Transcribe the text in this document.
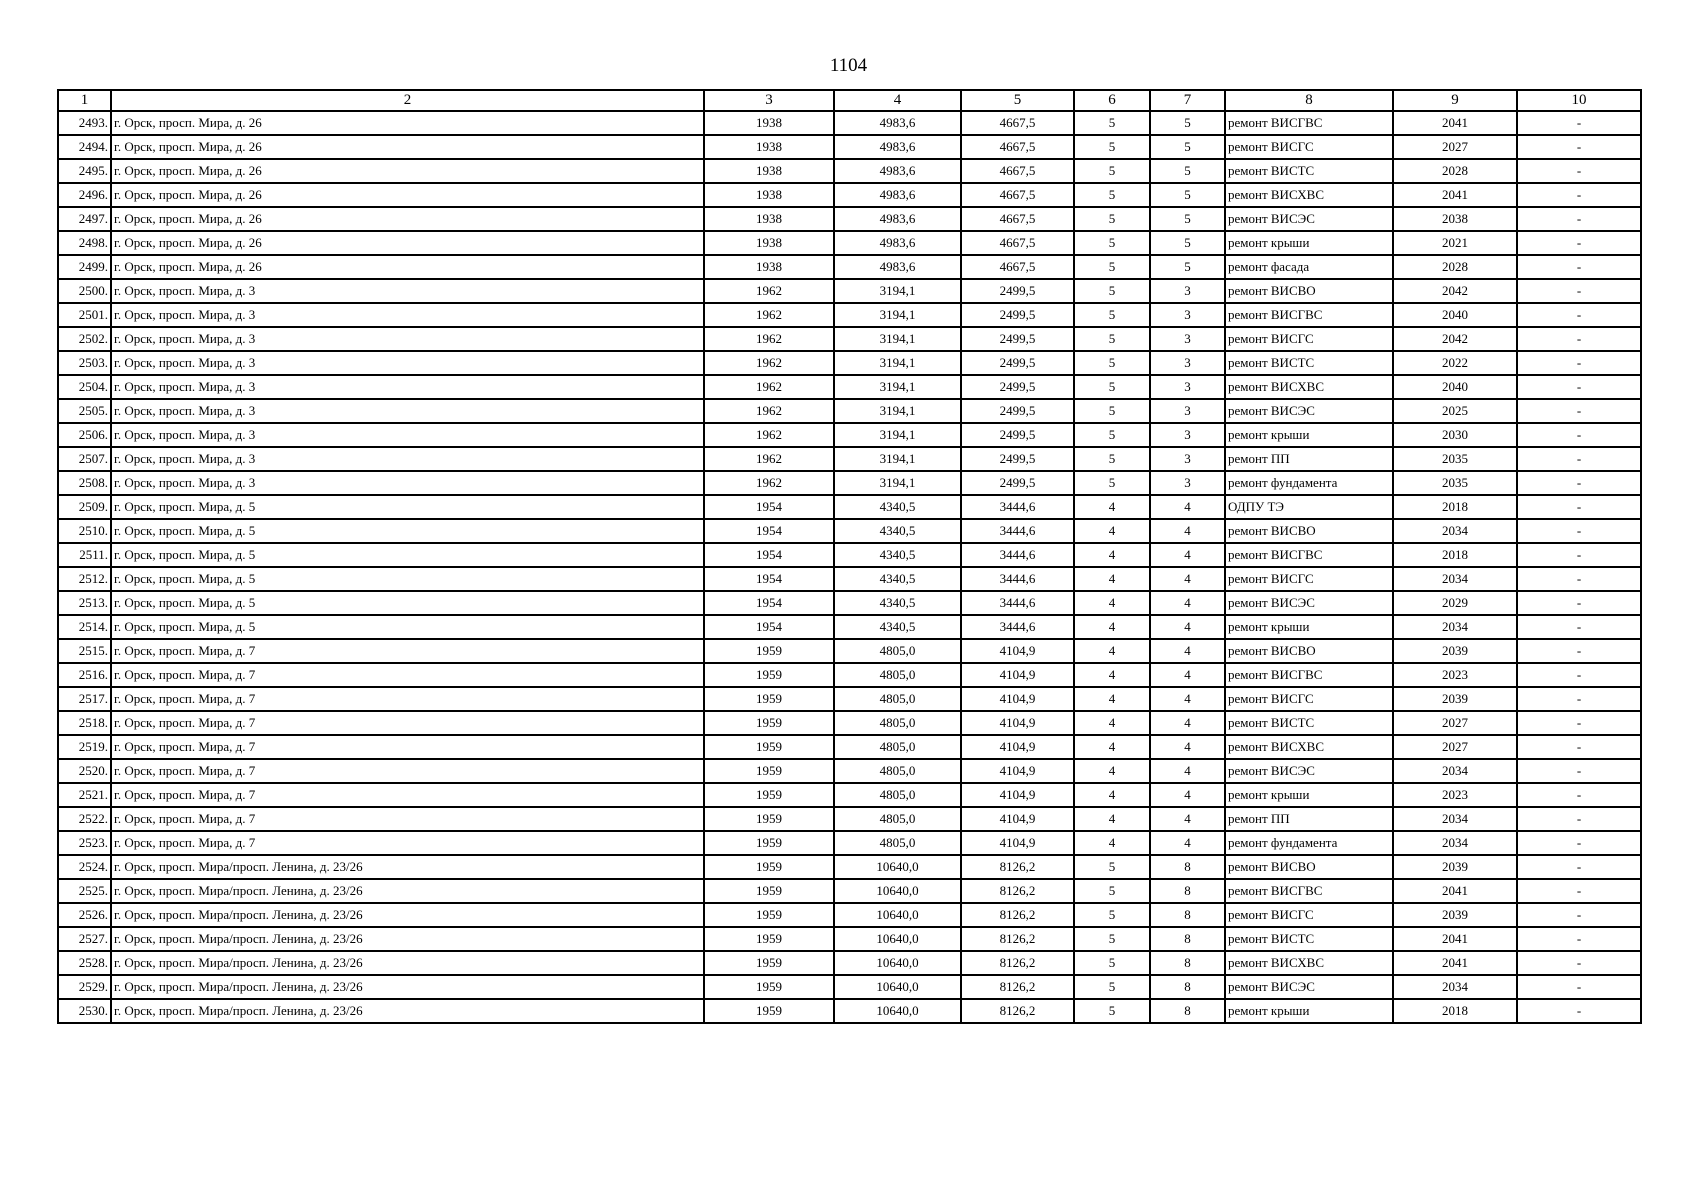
1104
1	2	3	4	5	6	7	8	9	10
2493.	г. Орск, просп. Мира, д. 26	1938	4983,6	4667,5	5	5	ремонт ВИСГВС	2041	-
2494.	г. Орск, просп. Мира, д. 26	1938	4983,6	4667,5	5	5	ремонт ВИСГС	2027	-
2495.	г. Орск, просп. Мира, д. 26	1938	4983,6	4667,5	5	5	ремонт ВИСТС	2028	-
2496.	г. Орск, просп. Мира, д. 26	1938	4983,6	4667,5	5	5	ремонт ВИСХВС	2041	-
2497.	г. Орск, просп. Мира, д. 26	1938	4983,6	4667,5	5	5	ремонт ВИСЭС	2038	-
2498.	г. Орск, просп. Мира, д. 26	1938	4983,6	4667,5	5	5	ремонт крыши	2021	-
2499.	г. Орск, просп. Мира, д. 26	1938	4983,6	4667,5	5	5	ремонт фасада	2028	-
2500.	г. Орск, просп. Мира, д. 3	1962	3194,1	2499,5	5	3	ремонт ВИСВО	2042	-
2501.	г. Орск, просп. Мира, д. 3	1962	3194,1	2499,5	5	3	ремонт ВИСГВС	2040	-
2502.	г. Орск, просп. Мира, д. 3	1962	3194,1	2499,5	5	3	ремонт ВИСГС	2042	-
2503.	г. Орск, просп. Мира, д. 3	1962	3194,1	2499,5	5	3	ремонт ВИСТС	2022	-
2504.	г. Орск, просп. Мира, д. 3	1962	3194,1	2499,5	5	3	ремонт ВИСХВС	2040	-
2505.	г. Орск, просп. Мира, д. 3	1962	3194,1	2499,5	5	3	ремонт ВИСЭС	2025	-
2506.	г. Орск, просп. Мира, д. 3	1962	3194,1	2499,5	5	3	ремонт крыши	2030	-
2507.	г. Орск, просп. Мира, д. 3	1962	3194,1	2499,5	5	3	ремонт ПП	2035	-
2508.	г. Орск, просп. Мира, д. 3	1962	3194,1	2499,5	5	3	ремонт фундамента	2035	-
2509.	г. Орск, просп. Мира, д. 5	1954	4340,5	3444,6	4	4	ОДПУ ТЭ	2018	-
2510.	г. Орск, просп. Мира, д. 5	1954	4340,5	3444,6	4	4	ремонт ВИСВО	2034	-
2511.	г. Орск, просп. Мира, д. 5	1954	4340,5	3444,6	4	4	ремонт ВИСГВС	2018	-
2512.	г. Орск, просп. Мира, д. 5	1954	4340,5	3444,6	4	4	ремонт ВИСГС	2034	-
2513.	г. Орск, просп. Мира, д. 5	1954	4340,5	3444,6	4	4	ремонт ВИСЭС	2029	-
2514.	г. Орск, просп. Мира, д. 5	1954	4340,5	3444,6	4	4	ремонт крыши	2034	-
2515.	г. Орск, просп. Мира, д. 7	1959	4805,0	4104,9	4	4	ремонт ВИСВО	2039	-
2516.	г. Орск, просп. Мира, д. 7	1959	4805,0	4104,9	4	4	ремонт ВИСГВС	2023	-
2517.	г. Орск, просп. Мира, д. 7	1959	4805,0	4104,9	4	4	ремонт ВИСГС	2039	-
2518.	г. Орск, просп. Мира, д. 7	1959	4805,0	4104,9	4	4	ремонт ВИСТС	2027	-
2519.	г. Орск, просп. Мира, д. 7	1959	4805,0	4104,9	4	4	ремонт ВИСХВС	2027	-
2520.	г. Орск, просп. Мира, д. 7	1959	4805,0	4104,9	4	4	ремонт ВИСЭС	2034	-
2521.	г. Орск, просп. Мира, д. 7	1959	4805,0	4104,9	4	4	ремонт крыши	2023	-
2522.	г. Орск, просп. Мира, д. 7	1959	4805,0	4104,9	4	4	ремонт ПП	2034	-
2523.	г. Орск, просп. Мира, д. 7	1959	4805,0	4104,9	4	4	ремонт фундамента	2034	-
2524.	г. Орск, просп. Мира/просп. Ленина, д. 23/26	1959	10640,0	8126,2	5	8	ремонт ВИСВО	2039	-
2525.	г. Орск, просп. Мира/просп. Ленина, д. 23/26	1959	10640,0	8126,2	5	8	ремонт ВИСГВС	2041	-
2526.	г. Орск, просп. Мира/просп. Ленина, д. 23/26	1959	10640,0	8126,2	5	8	ремонт ВИСГС	2039	-
2527.	г. Орск, просп. Мира/просп. Ленина, д. 23/26	1959	10640,0	8126,2	5	8	ремонт ВИСТС	2041	-
2528.	г. Орск, просп. Мира/просп. Ленина, д. 23/26	1959	10640,0	8126,2	5	8	ремонт ВИСХВС	2041	-
2529.	г. Орск, просп. Мира/просп. Ленина, д. 23/26	1959	10640,0	8126,2	5	8	ремонт ВИСЭС	2034	-
2530.	г. Орск, просп. Мира/просп. Ленина, д. 23/26	1959	10640,0	8126,2	5	8	ремонт крыши	2018	-
